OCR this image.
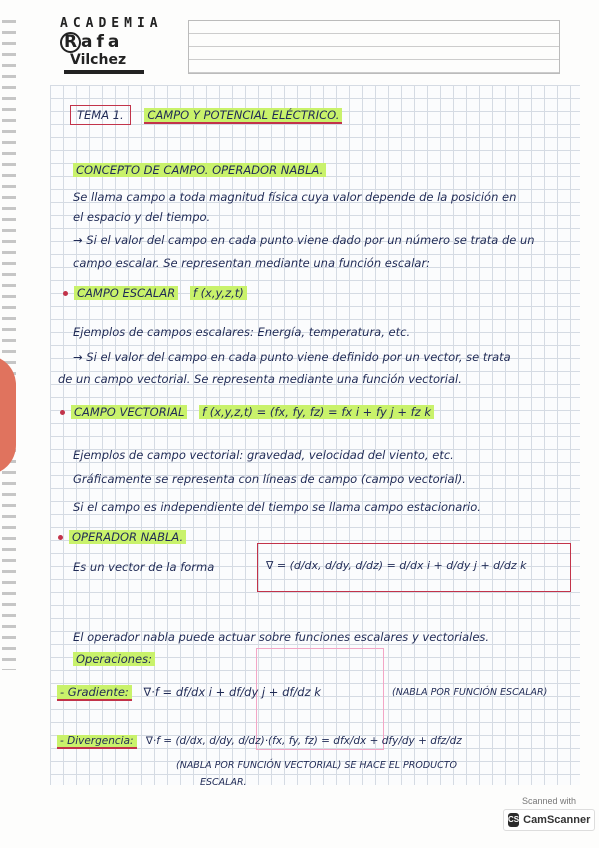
ACADEMIA
R afa
Vilchez
TEMA 1. CAMPO Y POTENCIAL ELÉCTRICO.
CONCEPTO DE CAMPO. OPERADOR NABLA.
Se llama campo a toda magnitud física cuya valor depende de la posición en
el espacio y del tiempo.
→ Si el valor del campo en cada punto viene dado por un número se trata de un
campo escalar. Se representan mediante una función escalar:
CAMPO ESCALAR f (x,y,z,t)
Ejemplos de campos escalares: Energía, temperatura, etc.
→ Si el valor del campo en cada punto viene definido por un vector, se trata
de un campo vectorial. Se representa mediante una función vectorial.
CAMPO VECTORIAL f (x,y,z,t) = (fx, fy, fz) = fx i + fy j + fz k
Ejemplos de campo vectorial: gravedad, velocidad del viento, etc.
Gráficamente se representa con líneas de campo (campo vectorial).
Si el campo es independiente del tiempo se llama campo estacionario.
OPERADOR NABLA.
Es un vector de la forma	∇ = (d/dx, d/dy, d/dz) = d/dx i + d/dy j + d/dz k
El operador nabla puede actuar sobre funciones escalares y vectoriales.
Operaciones:
- Gradiente: ∇·f = df/dx i + df/dy j + df/dz k	(NABLA POR FUNCIÓN ESCALAR)
- Divergencia: ∇·f = (d/dx, d/dy, d/dz)·(fx, fy, fz) = dfx/dx + dfy/dy + dfz/dz
(NABLA POR FUNCIÓN VECTORIAL) SE HACE EL PRODUCTO
ESCALAR.
Scanned with
CS CamScanner
